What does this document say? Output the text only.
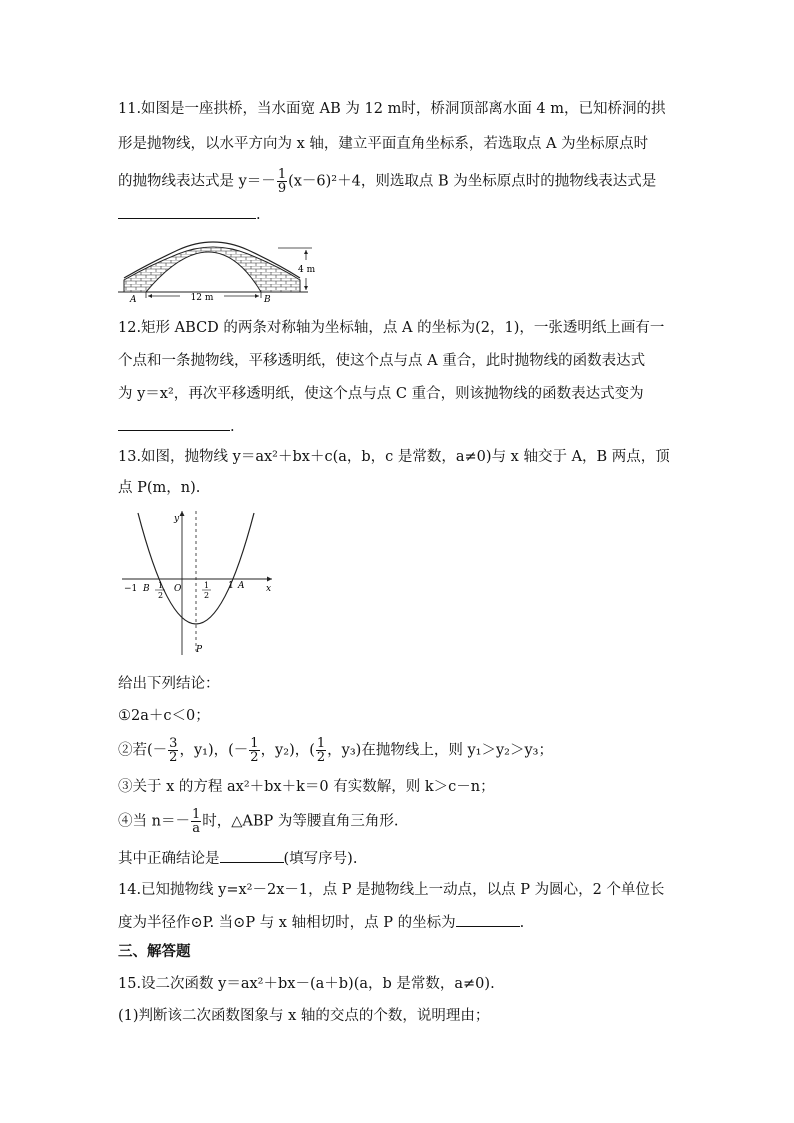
11.如图是一座拱桥，当水面宽 AB 为 12 m时，桥洞顶部离水面 4 m，已知桥洞的拱
形是抛物线，以水平方向为 x 轴，建立平面直角坐标系，若选取点 A 为坐标原点时
的抛物线表达式是 $y=- \frac{1}{9} (x-6)^2+4$，则选取点 B 为坐标原点时的抛物线表达式是
.
12 m
A	B
4 m
12.矩形 ABCD 的两条对称轴为坐标轴，点 A 的坐标为(2，1)，一张透明纸上画有一
个点和一条抛物线，平移透明纸，使这个点与点 A 重合，此时抛物线的函数表达式
为 y＝x²，再次平移透明纸，使这个点与点 C 重合，则该抛物线的函数表达式变为
.
13.如图，抛物线 y＝ax²＋bx＋c(a，b，c 是常数，a≠0)与 x 轴交于 A，B 两点，顶
点 P(m，n).
y
x
O
−1 B 1
2
1
2
1 A
P
给出下列结论：
①2a＋c＜0；
②若(－ $\frac{3}{2}$ ，y₁)，(－ $\frac{1}{2}$ ，y₂)，( $\frac{1}{2}$ ，y₃)在抛物线上，则 y₁＞y₂＞y₃；
③关于 x 的方程 ax²＋bx＋k＝0 有实数解，则 k＞c－n；
④当 $n=- \frac{1}{a}$ 时，△ABP 为等腰直角三角形.
其中正确结论是	(填写序号).
14.已知抛物线 y=x²－2x－1，点 P 是抛物线上一动点，以点 P 为圆心，2 个单位长
度为半径作⊙P. 当⊙P 与 x 轴相切时，点 P 的坐标为	.
三、解答题
15.设二次函数 y＝ax²＋bx－(a＋b)(a，b 是常数，a≠0).
(1)判断该二次函数图象与 x 轴的交点的个数，说明理由；
